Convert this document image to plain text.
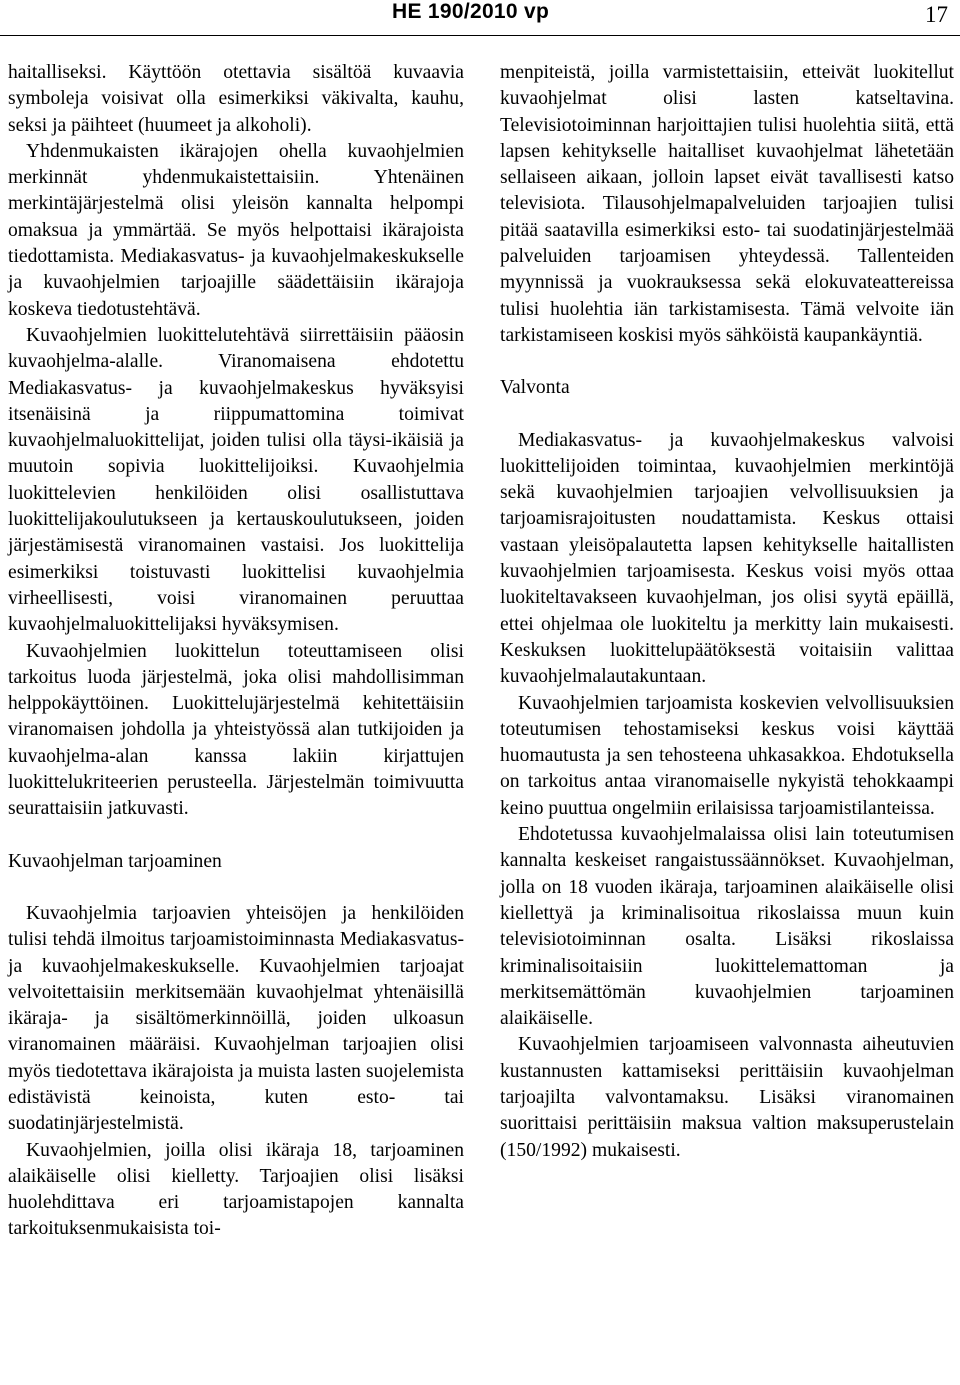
HE 190/2010 vp	17

haitalliseksi. Käyttöön otettavia sisältöä kuvaavia symboleja voisivat olla esimerkiksi väkivalta, kauhu, seksi ja päihteet (huumeet ja alkoholi).

Yhdenmukaisten ikärajojen ohella kuvaohjelmien merkinnät yhdenmukaistettaisiin. Yhtenäinen merkintäjärjestelmä olisi yleisön kannalta helpompi omaksua ja ymmärtää. Se myös helpottaisi ikärajoista tiedottamista. Mediakasvatus- ja kuvaohjelmakeskukselle ja kuvaohjelmien tarjoajille säädettäisiin ikärajoja koskeva tiedotustehtävä.

Kuvaohjelmien luokittelutehtävä siirrettäisiin pääosin kuvaohjelma-alalle. Viranomaisena ehdotettu Mediakasvatus- ja kuvaohjelmakeskus hyväksyisi itsenäisinä ja riippumattomina toimivat kuvaohjelmaluokittelijat, joiden tulisi olla täysi-ikäisiä ja muutoin sopivia luokittelijoiksi. Kuvaohjelmia luokittelevien henkilöiden olisi osallistuttava luokittelijakoulutukseen ja kertauskoulutukseen, joiden järjestämisestä viranomainen vastaisi. Jos luokittelija esimerkiksi toistuvasti luokittelisi kuvaohjelmia virheellisesti, voisi viranomainen peruuttaa kuvaohjelmaluokittelijaksi hyväksymisen.

Kuvaohjelmien luokittelun toteuttamiseen olisi tarkoitus luoda järjestelmä, joka olisi mahdollisimman helppokäyttöinen. Luokittelujärjestelmä kehitettäisiin viranomaisen johdolla ja yhteistyössä alan tutkijoiden ja kuvaohjelma-alan kanssa lakiin kirjattujen luokittelukriteerien perusteella. Järjestelmän toimivuutta seurattaisiin jatkuvasti.

Kuvaohjelman tarjoaminen

Kuvaohjelmia tarjoavien yhteisöjen ja henkilöiden tulisi tehdä ilmoitus tarjoamistoiminnasta Mediakasvatus- ja kuvaohjelmakeskukselle. Kuvaohjelmien tarjoajat velvoitettaisiin merkitsemään kuvaohjelmat yhtenäisillä ikäraja- ja sisältömerkinnöillä, joiden ulkoasun viranomainen määräisi. Kuvaohjelman tarjoajien olisi myös tiedotettava ikärajoista ja muista lasten suojelemista edistävistä keinoista, kuten esto- tai suodatinjärjestelmistä.

Kuvaohjelmien, joilla olisi ikäraja 18, tarjoaminen alaikäiselle olisi kielletty. Tarjoajien olisi lisäksi huolehdittava eri tarjoamistapojen kannalta tarkoituksenmukaisista toi-

menpiteistä, joilla varmistettaisiin, etteivät luokitellut kuvaohjelmat olisi lasten katseltavina. Televisiotoiminnan harjoittajien tulisi huolehtia siitä, että lapsen kehitykselle haitalliset kuvaohjelmat lähetetään sellaiseen aikaan, jolloin lapset eivät tavallisesti katso televisiota. Tilausohjelmapalveluiden tarjoajien tulisi pitää saatavilla esimerkiksi esto- tai suodatinjärjestelmää palveluiden tarjoamisen yhteydessä. Tallenteiden myynnissä ja vuokrauksessa sekä elokuvateattereissa tulisi huolehtia iän tarkistamisesta. Tämä velvoite iän tarkistamiseen koskisi myös sähköistä kaupankäyntiä.

Valvonta

Mediakasvatus- ja kuvaohjelmakeskus valvoisi luokittelijoiden toimintaa, kuvaohjelmien merkintöjä sekä kuvaohjelmien tarjoajien velvollisuuksien ja tarjoamisrajoitusten noudattamista. Keskus ottaisi vastaan yleisöpalautetta lapsen kehitykselle haitallisten kuvaohjelmien tarjoamisesta. Keskus voisi myös ottaa luokiteltavakseen kuvaohjelman, jos olisi syytä epäillä, ettei ohjelmaa ole luokiteltu ja merkitty lain mukaisesti. Keskuksen luokittelupäätöksestä voitaisiin valittaa kuvaohjelmalautakuntaan.

Kuvaohjelmien tarjoamista koskevien velvollisuuksien toteutumisen tehostamiseksi keskus voisi käyttää huomautusta ja sen tehosteena uhkasakkoa. Ehdotuksella on tarkoitus antaa viranomaiselle nykyistä tehokkaampi keino puuttua ongelmiin erilaisissa tarjoamistilanteissa.

Ehdotetussa kuvaohjelmalaissa olisi lain toteutumisen kannalta keskeiset rangaistussäännökset. Kuvaohjelman, jolla on 18 vuoden ikäraja, tarjoaminen alaikäiselle olisi kiellettyä ja kriminalisoitua rikoslaissa muun kuin televisiotoiminnan osalta. Lisäksi rikoslaissa kriminalisoitaisiin luokittelemattoman ja merkitsemättömän kuvaohjelmien tarjoaminen alaikäiselle.

Kuvaohjelmien tarjoamiseen valvonnasta aiheutuvien kustannusten kattamiseksi perittäisiin kuvaohjelman tarjoajilta valvontamaksu. Lisäksi viranomainen suorittaisi perittäisiin maksua valtion maksuperustelain (150/1992) mukaisesti.
